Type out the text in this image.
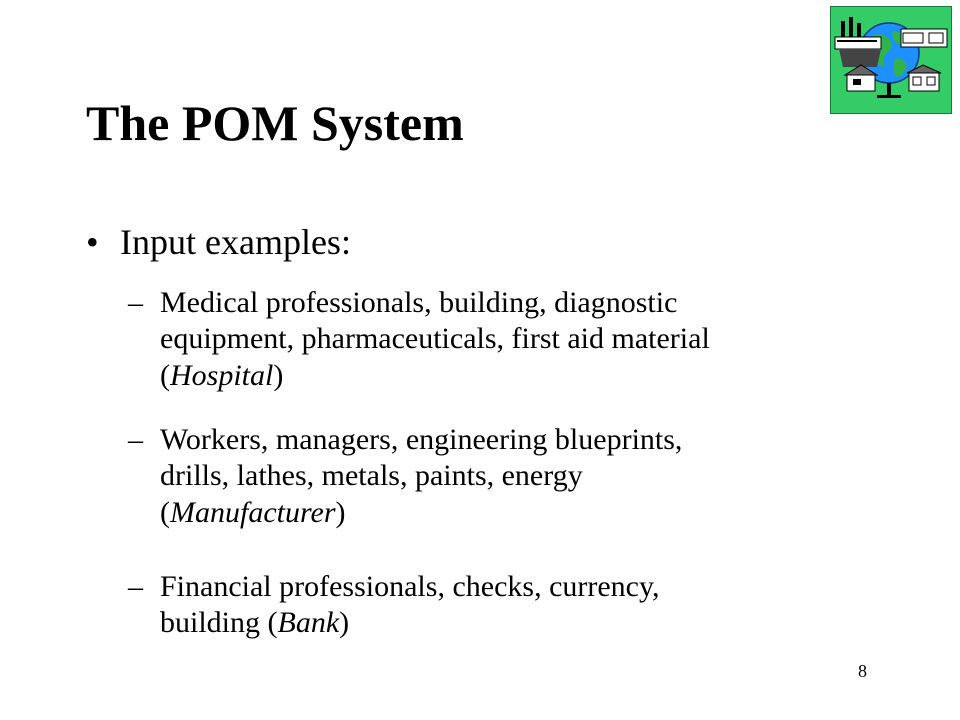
The POM System
• Input examples:
– Medical professionals, building, diagnostic
equipment, pharmaceuticals, first aid material
(Hospital)
– Workers, managers, engineering blueprints,
drills, lathes, metals, paints, energy
(Manufacturer)
– Financial professionals, checks, currency,
building (Bank)
8
